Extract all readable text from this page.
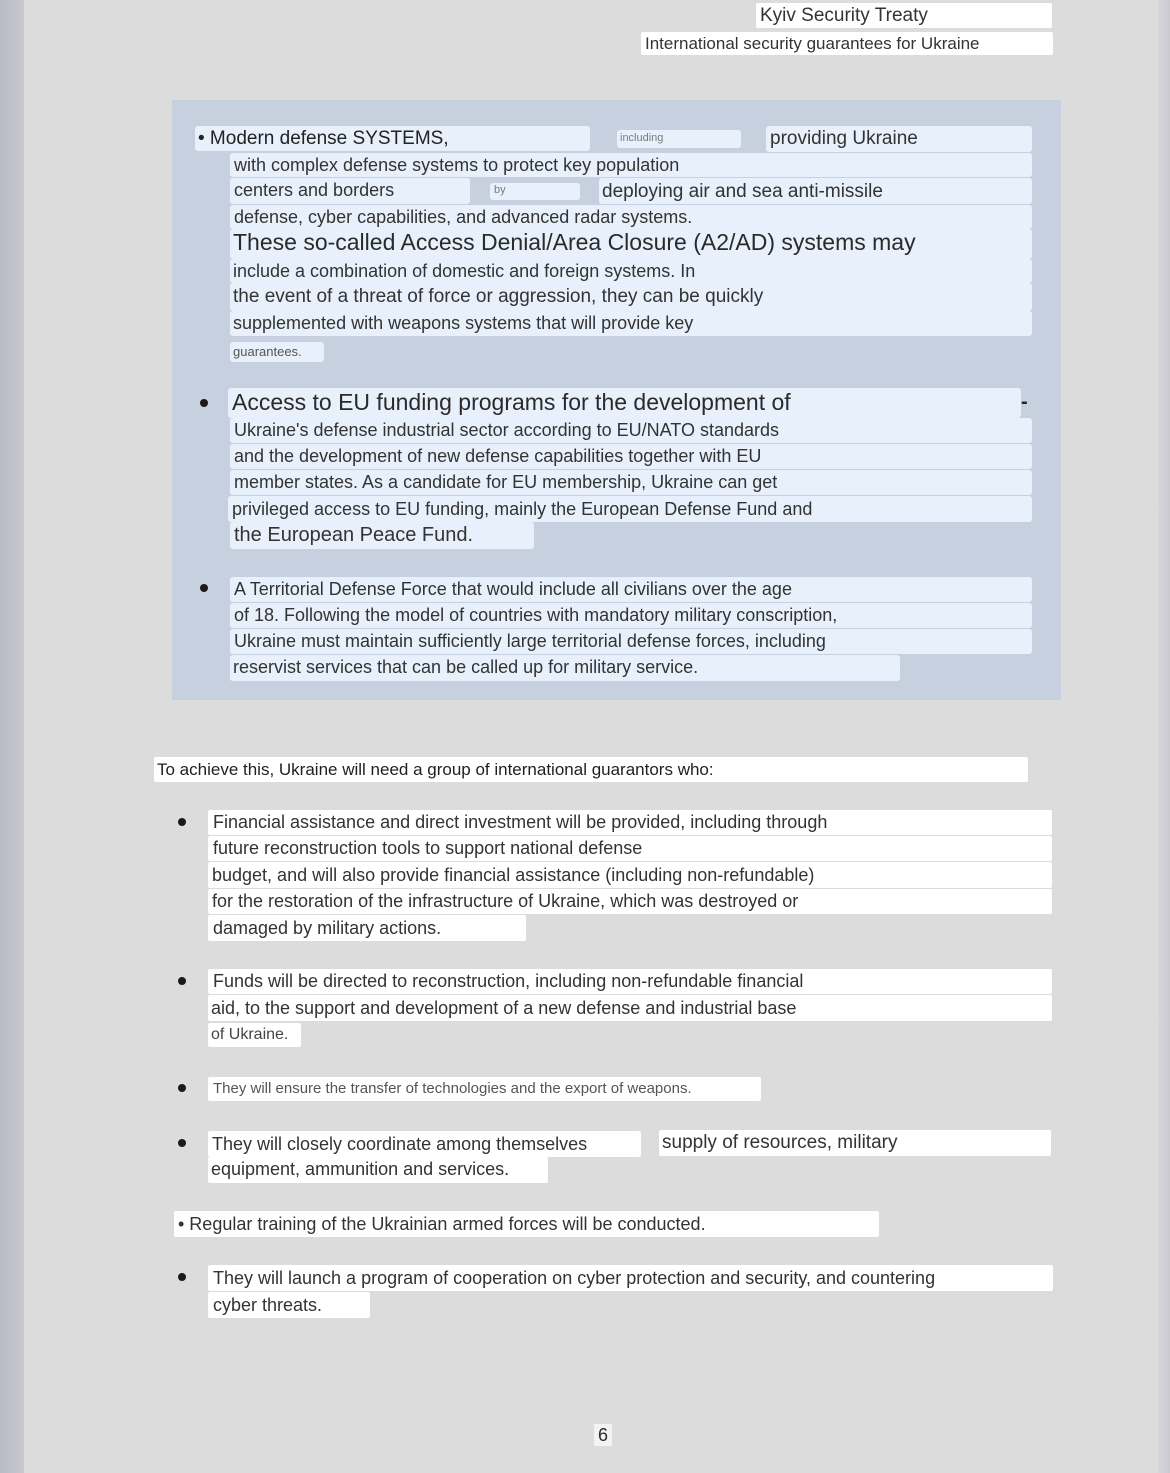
Kyiv Security Treaty
International security guarantees for Ukraine
• Modern defense SYSTEMS,	including	providing Ukraine
with complex defense systems to protect key population
centers and borders	by	deploying air and sea anti-missile
defense, cyber capabilities, and advanced radar systems.
These so-called Access Denial/Area Closure (A2/AD) systems may
include a combination of domestic and foreign systems. In
the event of a threat of force or aggression, they can be quickly
supplemented with weapons systems that will provide key
guarantees.
Access to EU funding programs for the development of	-
Ukraine's defense industrial sector according to EU/NATO standards
and the development of new defense capabilities together with EU
member states. As a candidate for EU membership, Ukraine can get
privileged access to EU funding, mainly the European Defense Fund and
the European Peace Fund.
A Territorial Defense Force that would include all civilians over the age
of 18. Following the model of countries with mandatory military conscription,
Ukraine must maintain sufficiently large territorial defense forces, including
reservist services that can be called up for military service.
To achieve this, Ukraine will need a group of international guarantors who:
Financial assistance and direct investment will be provided, including through
future reconstruction tools to support national defense
budget, and will also provide financial assistance (including non-refundable)
for the restoration of the infrastructure of Ukraine, which was destroyed or
damaged by military actions.
Funds will be directed to reconstruction, including non-refundable financial
aid, to the support and development of a new defense and industrial base
of Ukraine.
They will ensure the transfer of technologies and the export of weapons.
They will closely coordinate among themselves	supply of resources, military
equipment, ammunition and services.
• Regular training of the Ukrainian armed forces will be conducted.
They will launch a program of cooperation on cyber protection and security, and countering
cyber threats.
6
